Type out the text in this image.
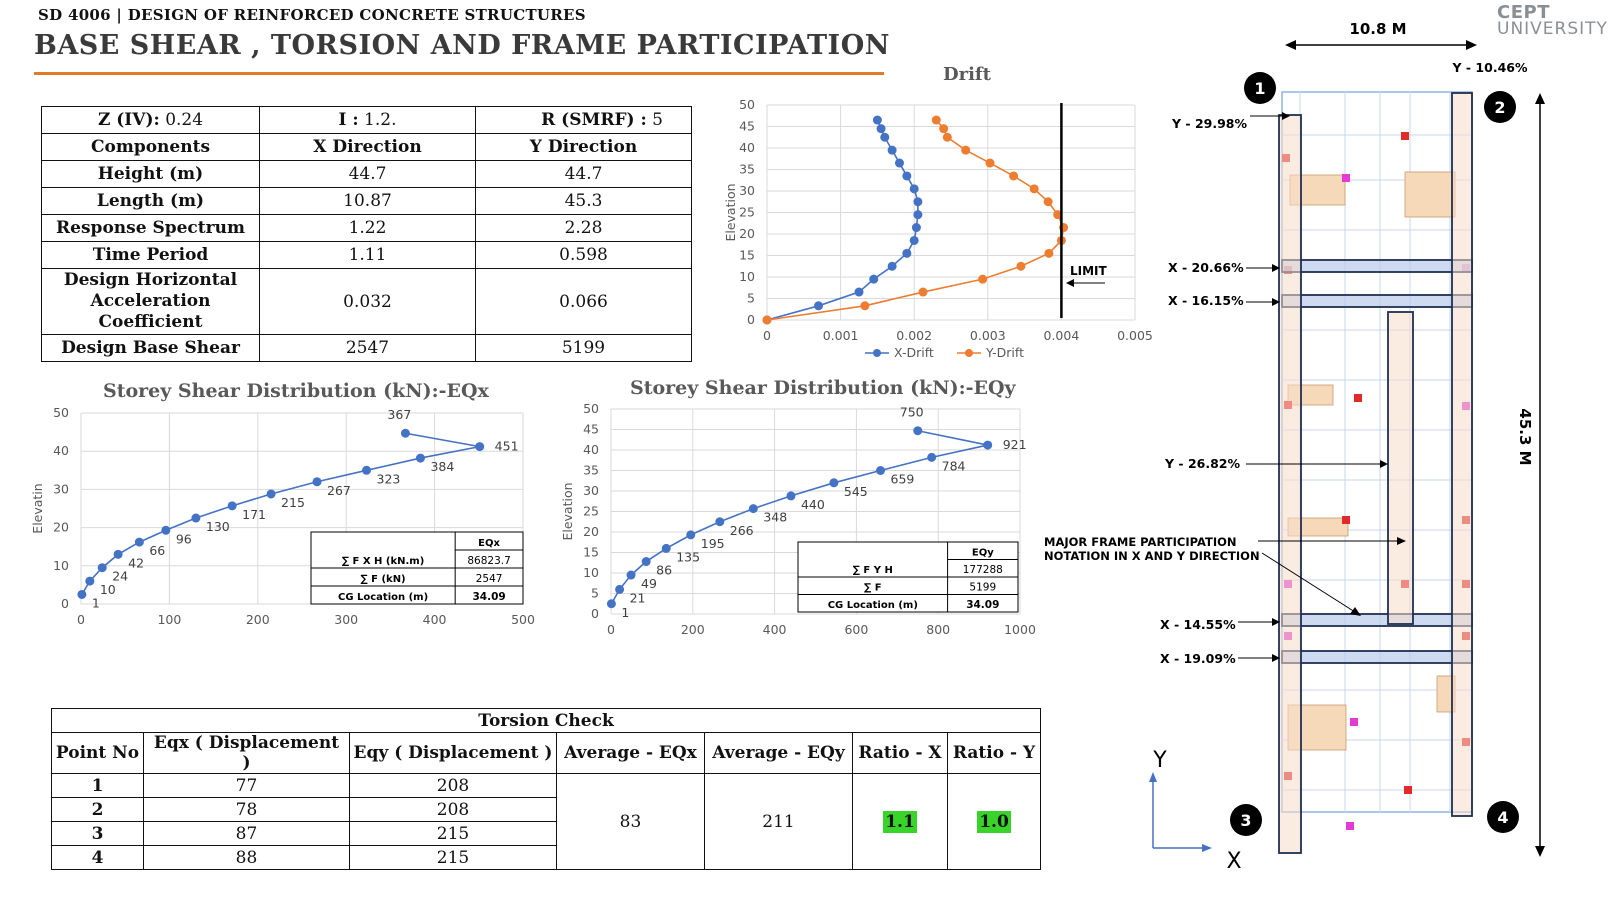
SD 4006 | DESIGN OF REINFORCED CONCRETE STRUCTURES
BASE SHEAR , TORSION AND FRAME PARTICIPATION
CEPT
UNIVERSITY
Z (IV): 0.24	I : 1.2.	R (SMRF) : 5
Components	X Direction	Y Direction
Height (m)	44.7	44.7
Length (m)	10.87	45.3
Response Spectrum	1.22	2.28
Time Period	1.11	0.598
Design Horizontal Acceleration Coefficient	0.032	0.066
Design Base Shear	2547	5199
Drift
0	0.001	0.002	0.003	0.004	0.005
0
5
10
15
20
25
30
35
40
45
50
Elevation
LIMIT
X-Drift	Y-Drift
Storey Shear Distribution (kN):-EQx
0	100	200	300	400	500
0
10
20
30
40
50
Elevatin
1
10
24
42
66
96
130
171
215
267
323
384
451
367
EQx
∑ F X H (kN.m)	86823.7
∑ F (kN)	2547
CG Location (m)	34.09
Storey Shear Distribution (kN):-EQy
0	200	400	600	800	1000
0
5
10
15
20
25
30
35
40
45
50
Elevation
1
21
49
86
135
195
266
348
440
545
659
784
921
750
EQy
∑ F Y H	177288
∑ F	5199
CG Location (m)	34.09
Torsion Check						
Point No	Eqx ( Displacement )	Eqy ( Displacement )	Average - EQx	Average - EQy	Ratio - X	Ratio - Y
1	77	208	83	211	1.1	1.0
2	78	208				
3	87	215				
4	88	215				
10.8 M
45.3 M
1
2
3	4
Y - 10.46%
Y - 29.98%
X - 20.66%
X - 16.15%
Y - 26.82%
X - 14.55%
X - 19.09%
MAJOR FRAME PARTICIPATION
NOTATION IN X AND Y DIRECTION
Y
X
